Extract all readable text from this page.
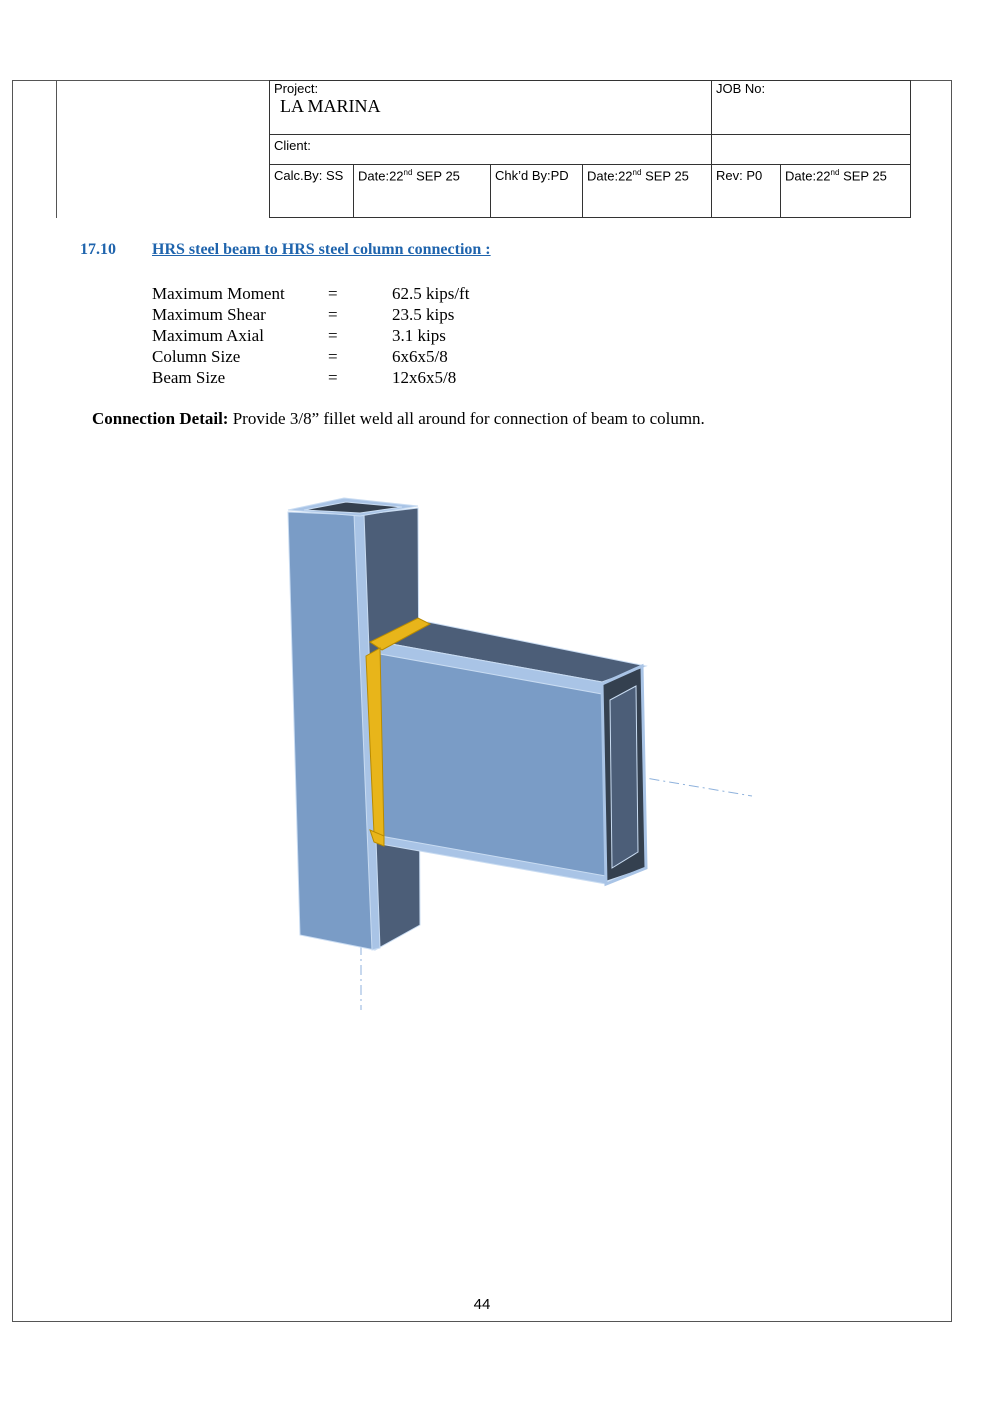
Project:
LA MARINA				JOB No:	

Client:					

Calc.By: SS	Date:22nd SEP 25	Chk’d By:PD	Date:22nd SEP 25	Rev: P0	Date:22nd SEP 25
17.10 HRS steel beam to HRS steel column connection :
Maximum Moment	=	62.5 kips/ft
Maximum Shear	=	23.5 kips
Maximum Axial	=	3.1 kips
Column Size	=	6x6x5/8
Beam Size	=	12x6x5/8
Connection Detail: Provide 3/8” fillet weld all around for connection of beam to column.
44
